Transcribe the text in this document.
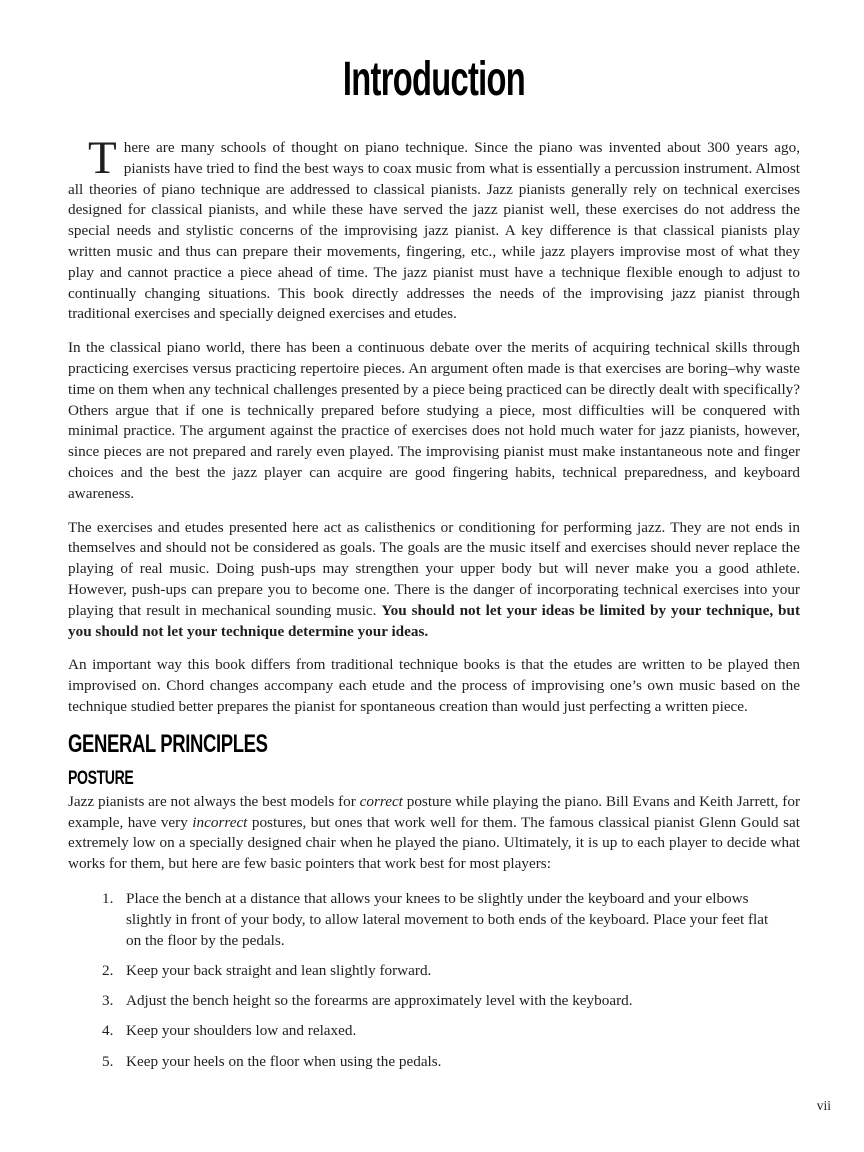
Introduction

There are many schools of thought on piano technique. Since the piano was invented about 300 years ago, pianists have tried to find the best ways to coax music from what is essentially a percussion instrument. Almost all theories of piano technique are addressed to classical pianists. Jazz pianists generally rely on technical exercises designed for classical pianists, and while these have served the jazz pianist well, these exercises do not address the special needs and stylistic concerns of the improvising jazz pianist. A key difference is that classical pianists play written music and thus can prepare their movements, fingering, etc., while jazz players improvise most of what they play and cannot practice a piece ahead of time. The jazz pianist must have a technique flexible enough to adjust to continually changing situations. This book directly addresses the needs of the improvising jazz pianist through traditional exercises and specially deigned exercises and etudes.

In the classical piano world, there has been a continuous debate over the merits of acquiring technical skills through practicing exercises versus practicing repertoire pieces. An argument often made is that exercises are boring–why waste time on them when any technical challenges presented by a piece being practiced can be directly dealt with specifically? Others argue that if one is technically prepared before studying a piece, most difficulties will be conquered with minimal practice. The argument against the practice of exercises does not hold much water for jazz pianists, however, since pieces are not prepared and rarely even played. The improvising pianist must make instantaneous note and finger choices and the best the jazz player can acquire are good fingering habits, technical preparedness, and keyboard awareness.

The exercises and etudes presented here act as calisthenics or conditioning for performing jazz. They are not ends in themselves and should not be considered as goals. The goals are the music itself and exercises should never replace the playing of real music. Doing push-ups may strengthen your upper body but will never make you a good athlete. However, push-ups can prepare you to become one. There is the danger of incorporating technical exercises into your playing that result in mechanical sounding music. You should not let your ideas be limited by your technique, but you should not let your technique determine your ideas.

An important way this book differs from traditional technique books is that the etudes are written to be played then improvised on. Chord changes accompany each etude and the process of improvising one’s own music based on the technique studied better prepares the pianist for spontaneous creation than would just perfecting a written piece.

GENERAL PRINCIPLES
POSTURE

Jazz pianists are not always the best models for correct posture while playing the piano. Bill Evans and Keith Jarrett, for example, have very incorrect postures, but ones that work well for them. The famous classical pianist Glenn Gould sat extremely low on a specially designed chair when he played the piano. Ultimately, it is up to each player to decide what works for them, but here are few basic pointers that work best for most players:

1. Place the bench at a distance that allows your knees to be slightly under the keyboard and your elbows slightly in front of your body, to allow lateral movement to both ends of the keyboard. Place your feet flat on the floor by the pedals.
2. Keep your back straight and lean slightly forward.
3. Adjust the bench height so the forearms are approximately level with the keyboard.
4. Keep your shoulders low and relaxed.
5. Keep your heels on the floor when using the pedals.
vii
